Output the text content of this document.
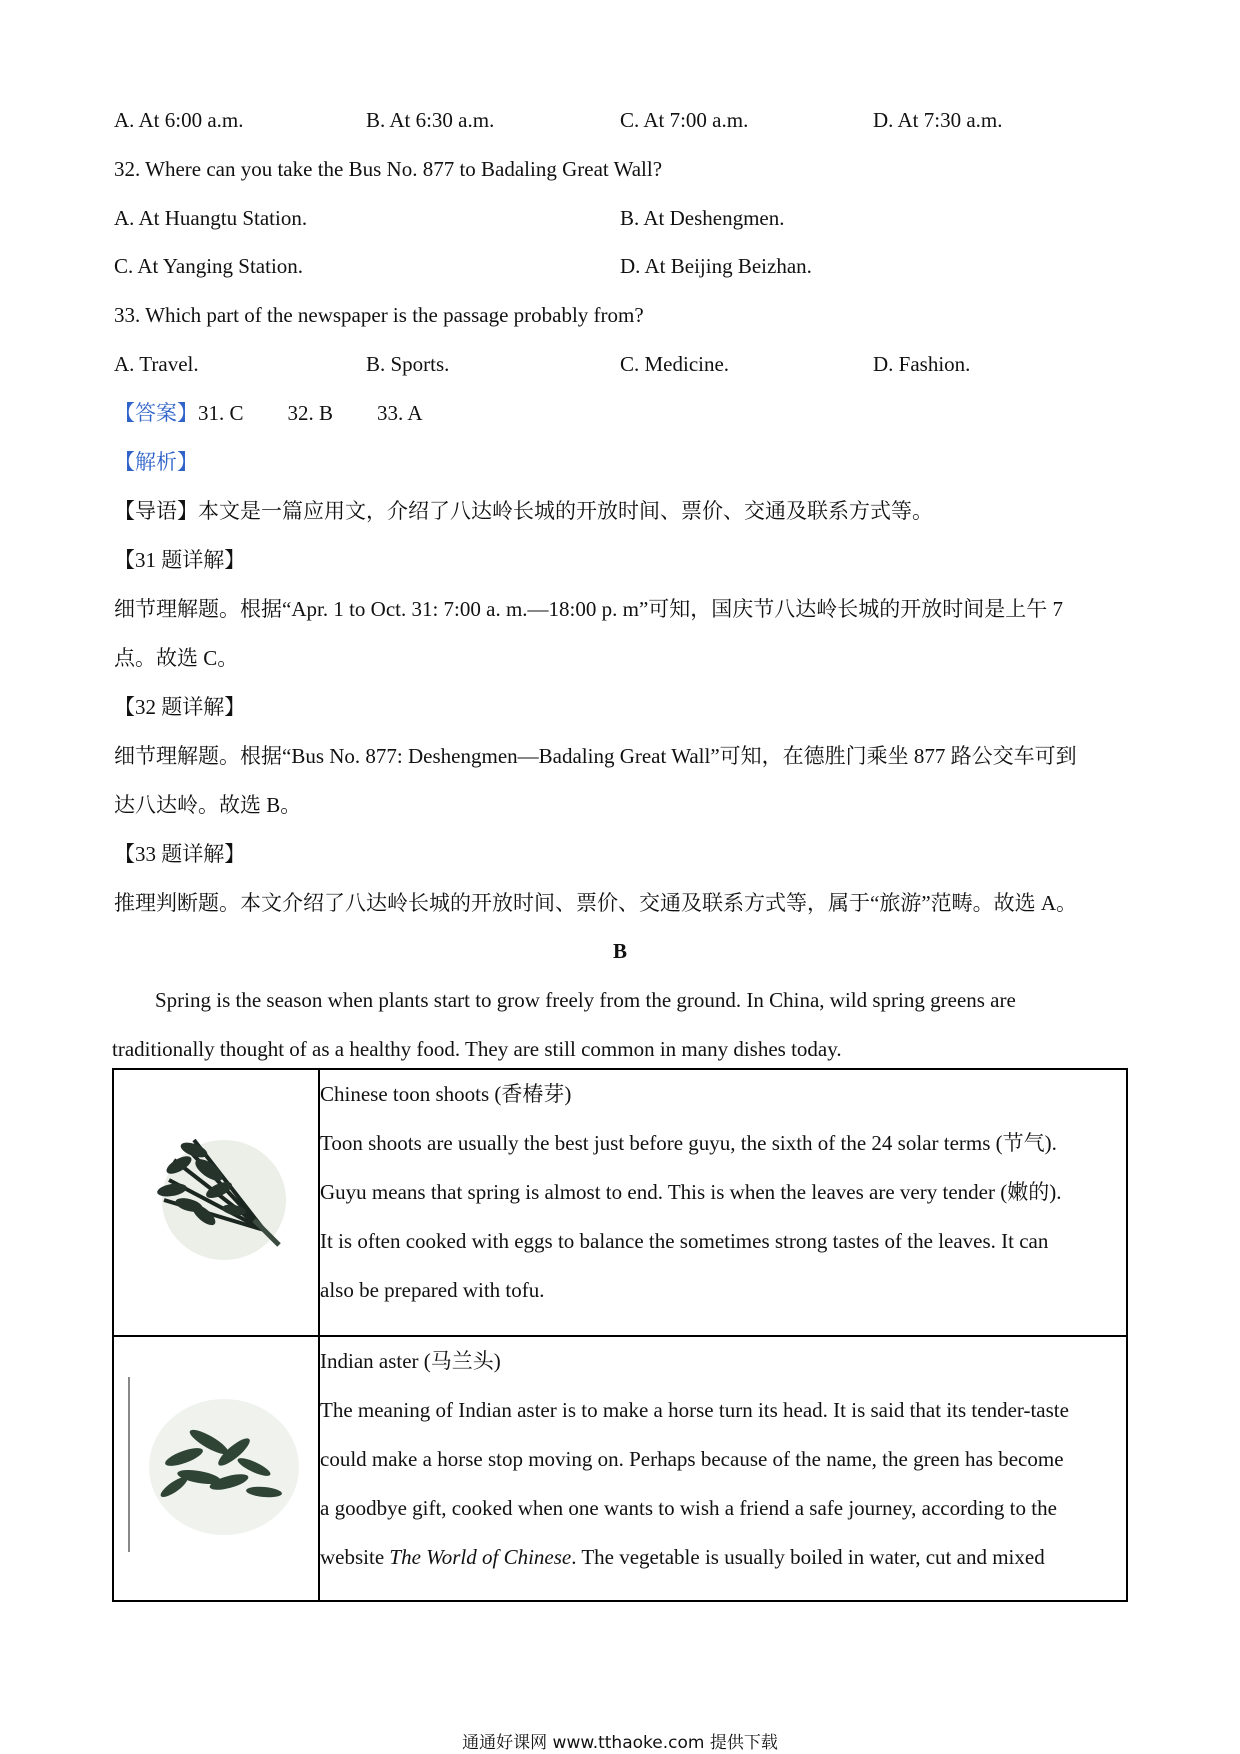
A. At 6:00 a.m.	B. At 6:30 a.m.	C. At 7:00 a.m.	D. At 7:30 a.m.
32. Where can you take the Bus No. 877 to Badaling Great Wall?
A. At Huangtu Station.	B. At Deshengmen.
C. At Yanging Station.	D. At Beijing Beizhan.
33. Which part of the newspaper is the passage probably from?
A. Travel.	B. Sports.	C. Medicine.	D. Fashion.
【答案】31. C 32. B 33. A
【解析】
【导语】本文是一篇应用文，介绍了八达岭长城的开放时间、票价、交通及联系方式等。
【31 题详解】
细节理解题。根据“Apr. 1 to Oct. 31: 7:00 a. m.—18:00 p. m”可知，国庆节八达岭长城的开放时间是上午 7
点。故选 C。
【32 题详解】
细节理解题。根据“Bus No. 877: Deshengmen—Badaling Great Wall”可知，在德胜门乘坐 877 路公交车可到
达八达岭。故选 B。
【33 题详解】
推理判断题。本文介绍了八达岭长城的开放时间、票价、交通及联系方式等，属于“旅游”范畴。故选 A。
B
Spring is the season when plants start to grow freely from the ground. In China, wild spring greens are
traditionally thought of as a healthy food. They are still common in many dishes today.

Chinese toon shoots (香椿芽)
Toon shoots are usually the best just before guyu, the sixth of the 24 solar terms (节气).
Guyu means that spring is almost to end. This is when the leaves are very tender (嫩的).
It is often cooked with eggs to balance the sometimes strong tastes of the leaves. It can
also be prepared with tofu.

Indian aster (马兰头)
The meaning of Indian aster is to make a horse turn its head. It is said that its tender-taste
could make a horse stop moving on. Perhaps because of the name, the green has become
a goodbye gift, cooked when one wants to wish a friend a safe journey, according to the
website The World of Chinese. The vegetable is usually boiled in water, cut and mixed
通通好课网 www.tthaoke.com 提供下载
